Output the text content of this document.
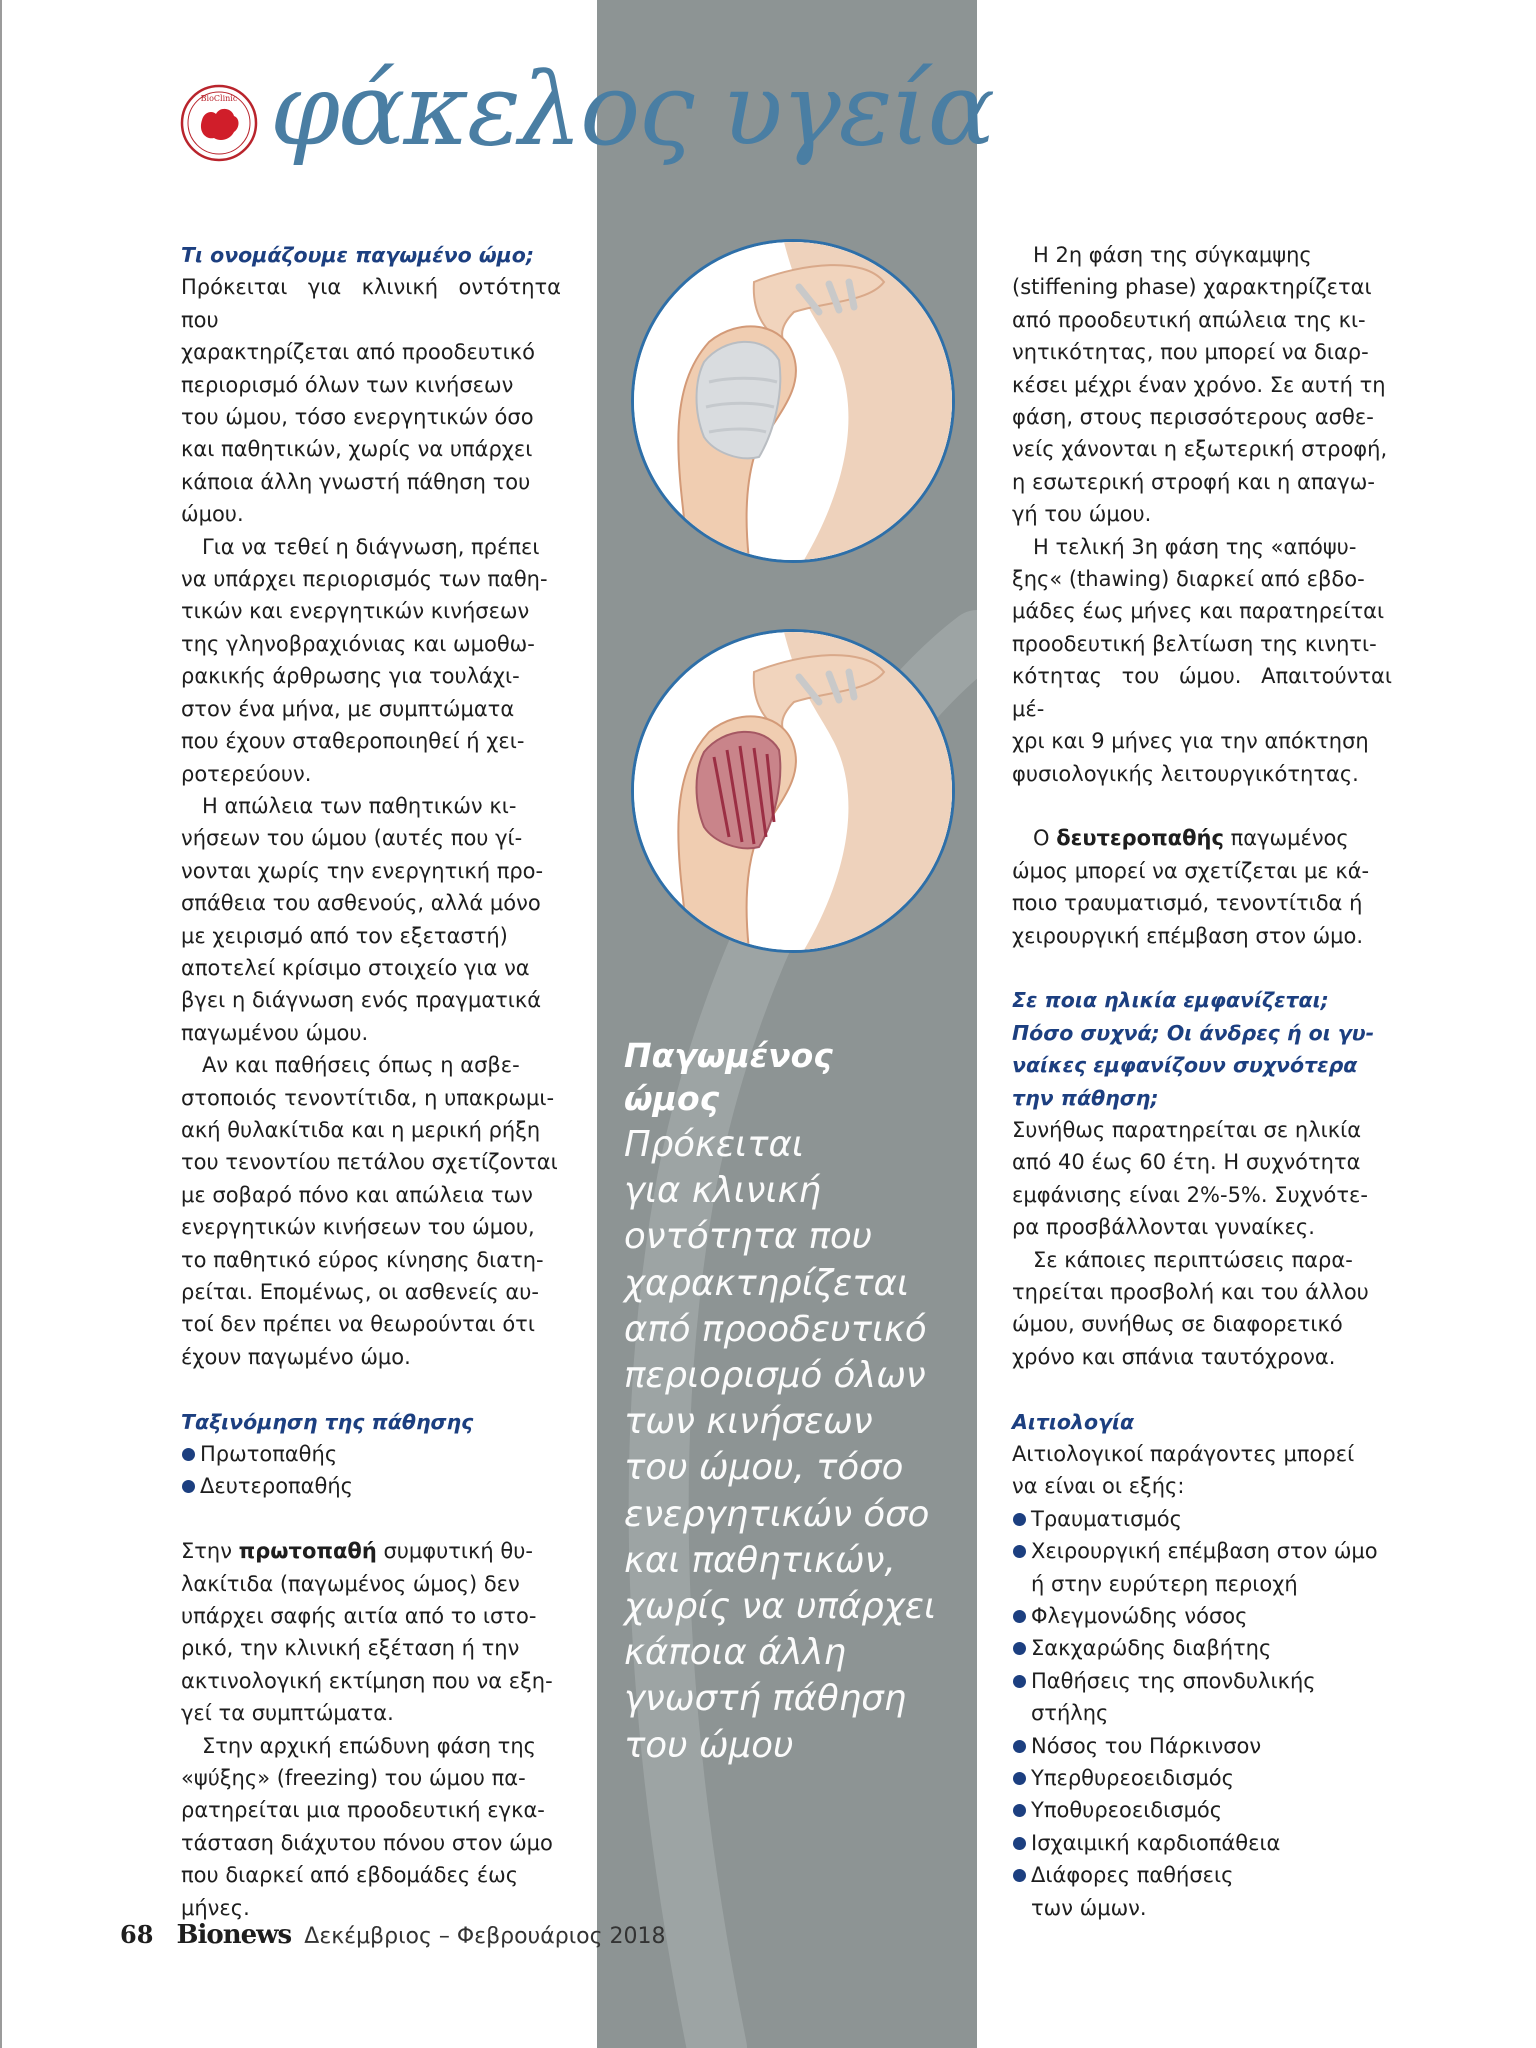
BioClinic φάκελος υγεία
Τι ονομάζουμε παγωμένο ώμο;

Πρόκειται για κλινική οντότητα που
χαρακτηρίζεται από προοδευτικό
περιορισμό όλων των κινήσεων
του ώμου, τόσο ενεργητικών όσο
και παθητικών, χωρίς να υπάρχει
κάποια άλλη γνωστή πάθηση του
ώμου.

Για να τεθεί η διάγνωση, πρέπει
να υπάρχει περιορισμός των παθη-
τικών και ενεργητικών κινήσεων
της γληνοβραχιόνιας και ωμοθω-
ρακικής άρθρωσης για τουλάχι-
στον ένα μήνα, με συμπτώματα
που έχουν σταθεροποιηθεί ή χει-
ροτερεύουν.

Η απώλεια των παθητικών κι-
νήσεων του ώμου (αυτές που γί-
νονται χωρίς την ενεργητική προ-
σπάθεια του ασθενούς, αλλά μόνο
με χειρισμό από τον εξεταστή)
αποτελεί κρίσιμο στοιχείο για να
βγει η διάγνωση ενός πραγματικά
παγωμένου ώμου.

Αν και παθήσεις όπως η ασβε-
στοποιός τενοντίτιδα, η υπακρωμι-
ακή θυλακίτιδα και η μερική ρήξη
του τενοντίου πετάλου σχετίζονται
με σοβαρό πόνο και απώλεια των
ενεργητικών κινήσεων του ώμου,
το παθητικό εύρος κίνησης διατη-
ρείται. Επομένως, οι ασθενείς αυ-
τοί δεν πρέπει να θεωρούνται ότι
έχουν παγωμένο ώμο.

Ταξινόμηση της πάθησης
Πρωτοπαθής
Δευτεροπαθής

Στην πρωτοπαθή συμφυτική θυ-
λακίτιδα (παγωμένος ώμος) δεν
υπάρχει σαφής αιτία από το ιστο-
ρικό, την κλινική εξέταση ή την
ακτινολογική εκτίμηση που να εξη-
γεί τα συμπτώματα.

Στην αρχική επώδυνη φάση της
«ψύξης» (freezing) του ώμου πα-
ρατηρείται μια προοδευτική εγκα-
τάσταση διάχυτου πόνου στον ώμο
που διαρκεί από εβδομάδες έως
μήνες.

Παγωμένος
ώμος
Πρόκειται
για κλινική
οντότητα που
χαρακτηρίζεται
από προοδευτικό
περιορισμό όλων
των κινήσεων
του ώμου, τόσο
ενεργητικών όσο
και παθητικών,
χωρίς να υπάρχει
κάποια άλλη
γνωστή πάθηση
του ώμου

Η 2η φάση της σύγκαμψης
(stiffening phase) χαρακτηρίζεται
από προοδευτική απώλεια της κι-
νητικότητας, που μπορεί να διαρ-
κέσει μέχρι έναν χρόνο. Σε αυτή τη
φάση, στους περισσότερους ασθε-
νείς χάνονται η εξωτερική στροφή,
η εσωτερική στροφή και η απαγω-
γή του ώμου.

Η τελική 3η φάση της «απόψυ-
ξης« (thawing) διαρκεί από εβδο-
μάδες έως μήνες και παρατηρείται
προοδευτική βελτίωση της κινητι-
κότητας του ώμου. Απαιτούνται μέ-
χρι και 9 μήνες για την απόκτηση
φυσιολογικής λειτουργικότητας.

Ο δευτεροπαθής παγωμένος
ώμος μπορεί να σχετίζεται με κά-
ποιο τραυματισμό, τενοντίτιδα ή
χειρουργική επέμβαση στον ώμο.

Σε ποια ηλικία εμφανίζεται;
Πόσο συχνά; Οι άνδρες ή οι γυ-
ναίκες εμφανίζουν συχνότερα
την πάθηση;

Συνήθως παρατηρείται σε ηλικία
από 40 έως 60 έτη. Η συχνότητα
εμφάνισης είναι 2%-5%. Συχνότε-
ρα προσβάλλονται γυναίκες.

Σε κάποιες περιπτώσεις παρα-
τηρείται προσβολή και του άλλου
ώμου, συνήθως σε διαφορετικό
χρόνο και σπάνια ταυτόχρονα.

Αιτιολογία

Αιτιολογικοί παράγοντες μπορεί
να είναι οι εξής:

Τραυματισμός
Χειρουργική επέμβαση στον ώμο
ή στην ευρύτερη περιοχή
Φλεγμονώδης νόσος
Σακχαρώδης διαβήτης
Παθήσεις της σπονδυλικής
στήλης
Νόσος του Πάρκινσον
Υπερθυρεοειδισμός
Υποθυρεοειδισμός
Ισχαιμική καρδιοπάθεια
Διάφορες παθήσεις
των ώμων.
68 Bionews Δεκέμβριος – Φεβρουάριος 2018
